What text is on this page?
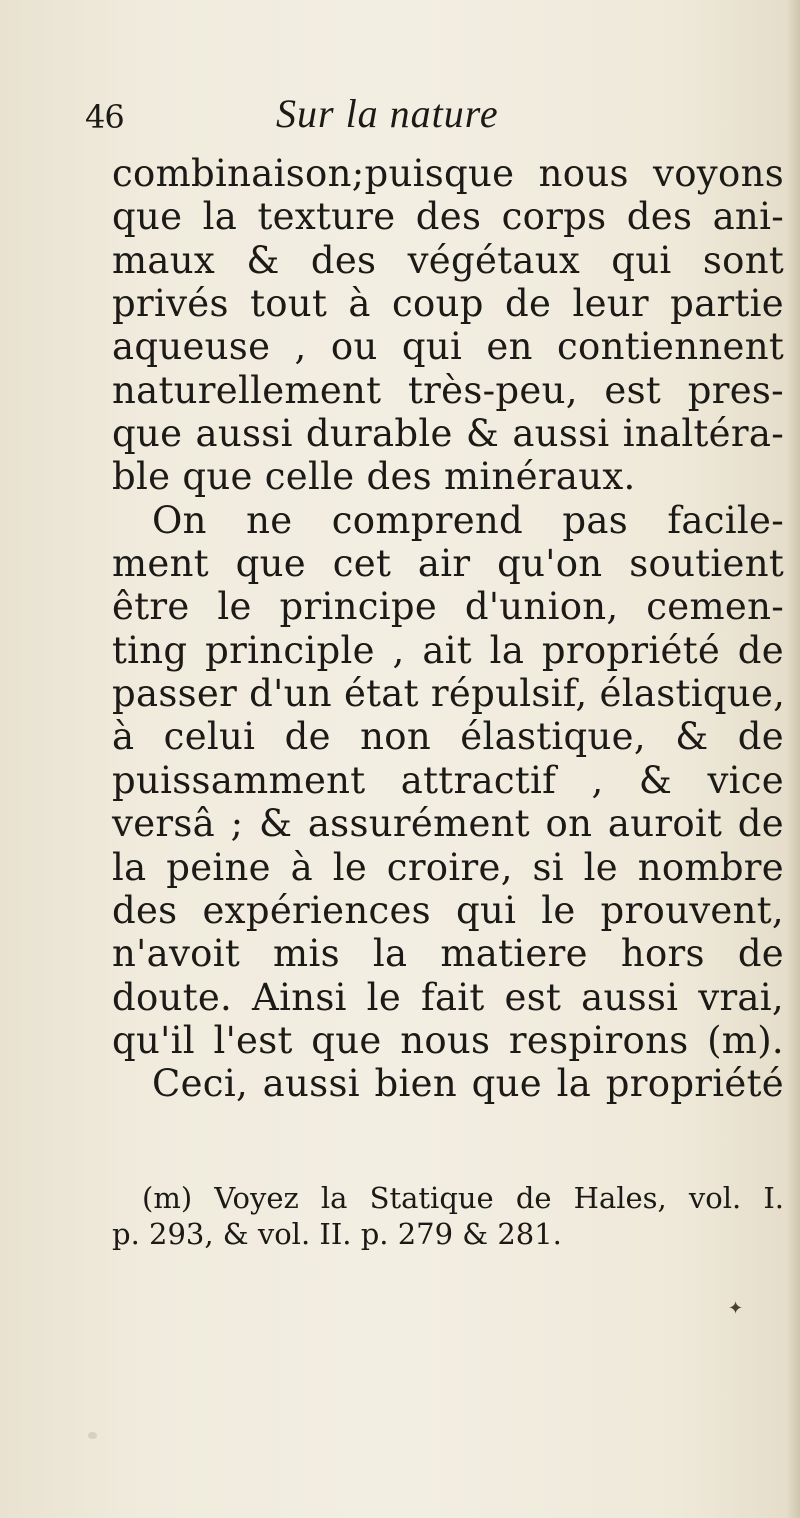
46	Sur la nature
combinaison;puisque nous voyons
que la texture des corps des ani-
maux & des végétaux qui sont
privés tout à coup de leur partie
aqueuse , ou qui en contiennent
naturellement très-peu, est pres-
que aussi durable & aussi inaltéra-
ble que celle des minéraux.
On ne comprend pas facile-
ment que cet air qu'on soutient
être le principe d'union, cemen-
ting principle , ait la propriété de
passer d'un état répulsif, élastique,
à celui de non élastique, & de
puissamment attractif , & vice
versâ ; & assurément on auroit de
la peine à le croire, si le nombre
des expériences qui le prouvent,
n'avoit mis la matiere hors de
doute. Ainsi le fait est aussi vrai,
qu'il l'est que nous respirons (m).
Ceci, aussi bien que la propriété
(m) Voyez la Statique de Hales, vol. I.
p. 293, & vol. II. p. 279 & 281.
✦
